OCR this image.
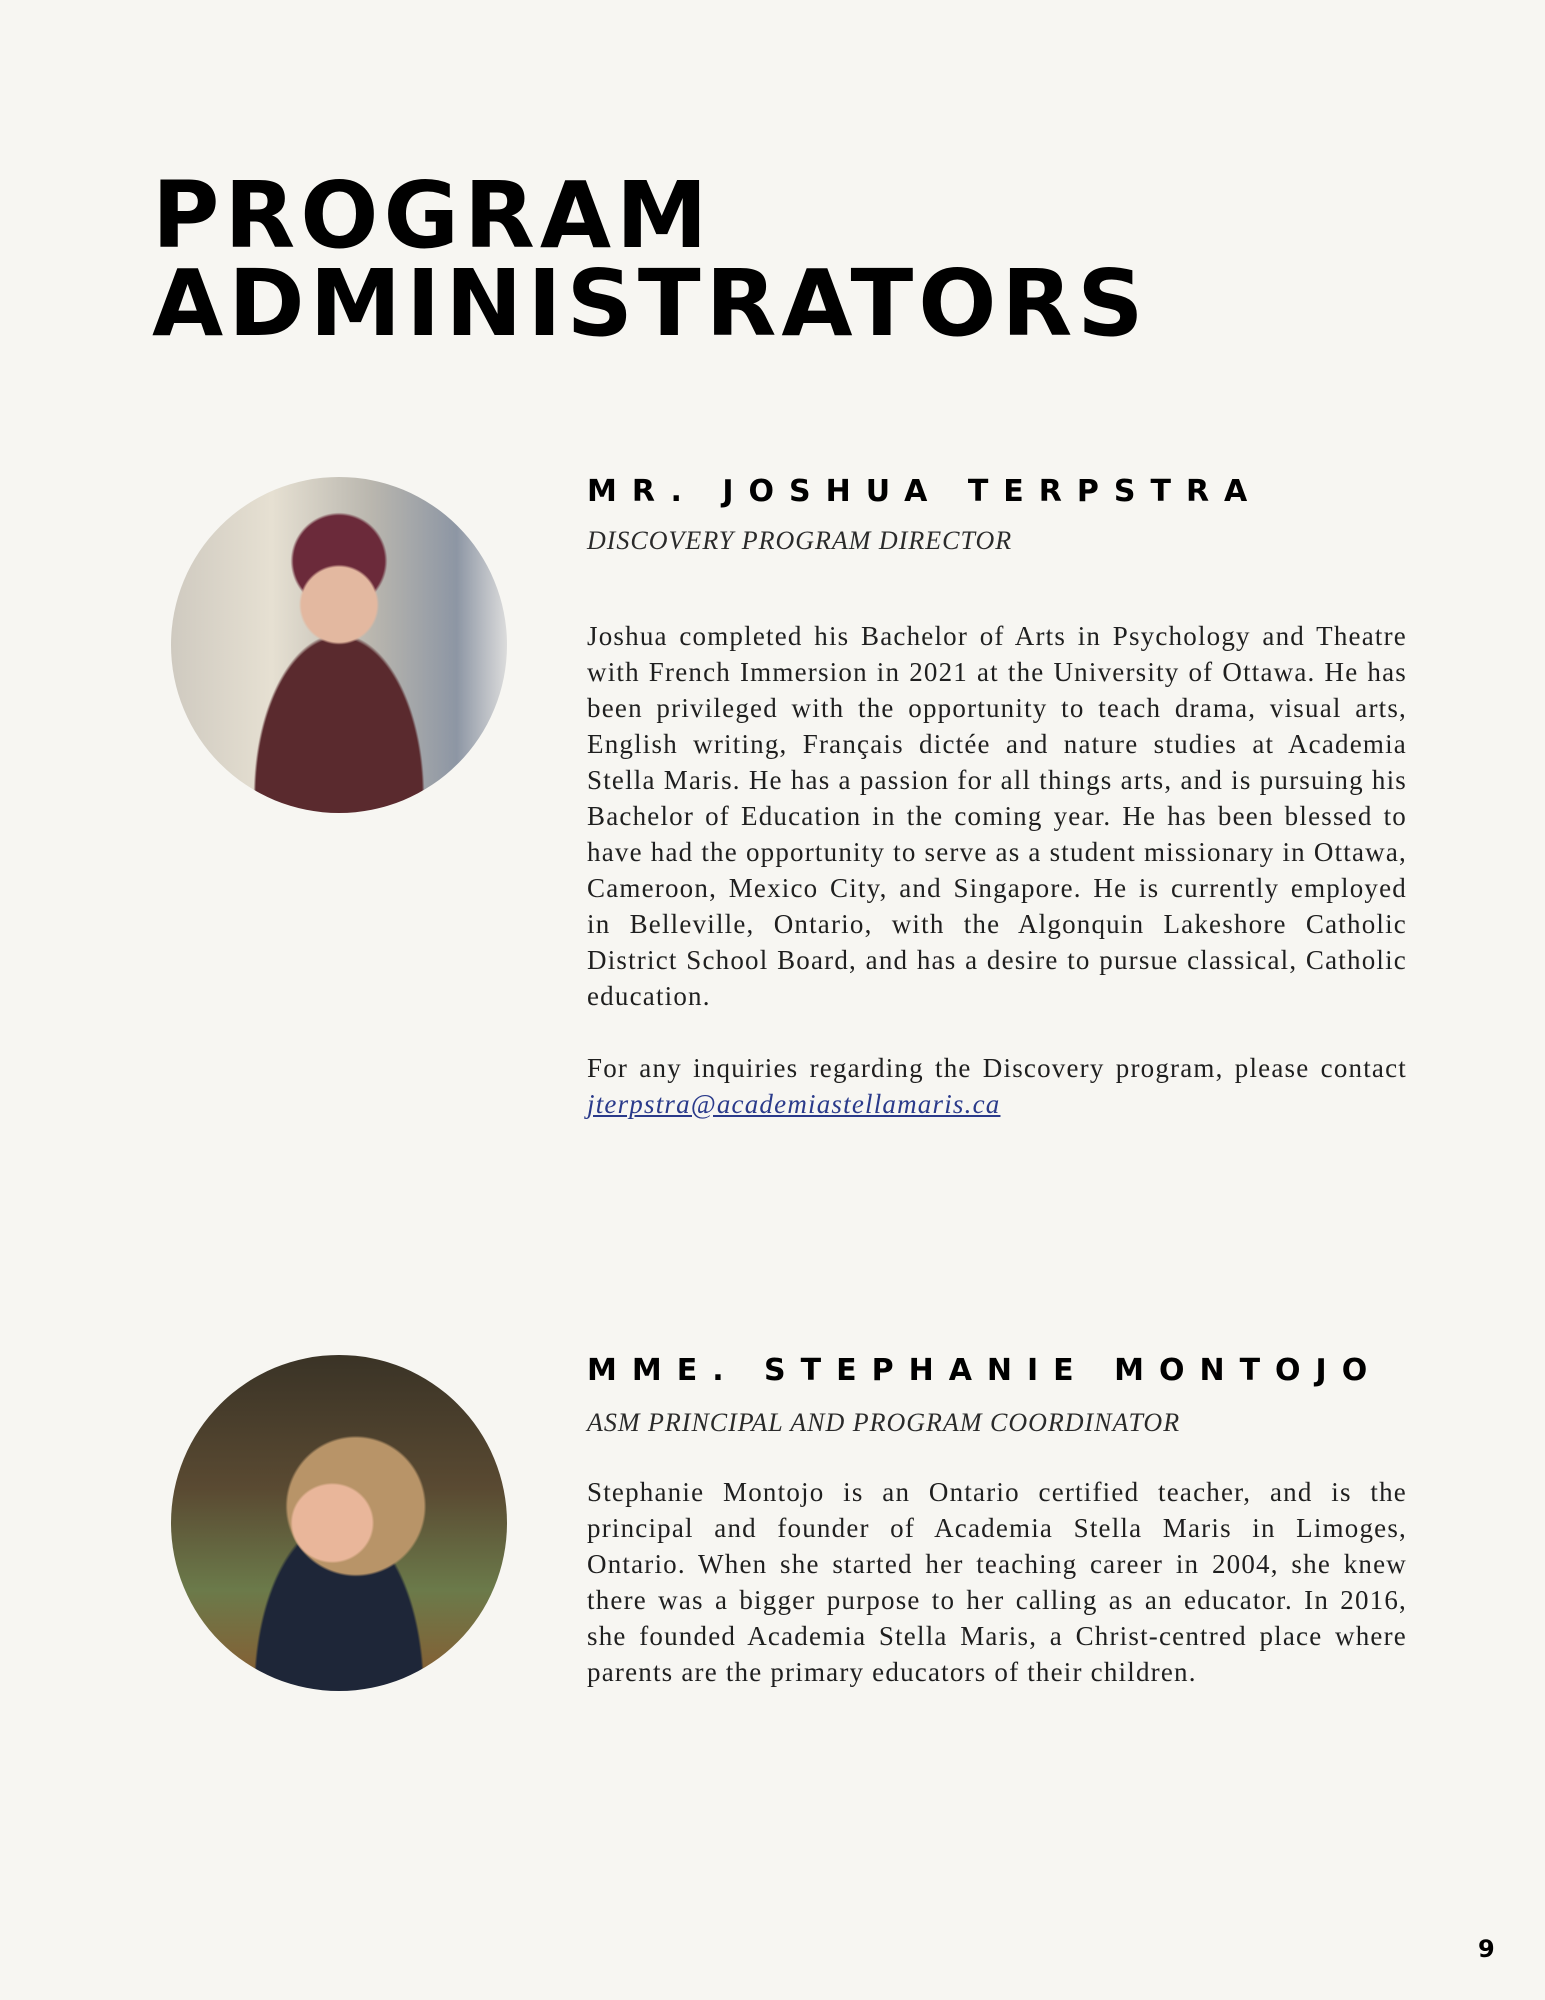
PROGRAM
ADMINISTRATORS
MR. JOSHUA TERPSTRA
DISCOVERY PROGRAM DIRECTOR

Joshua completed his Bachelor of Arts in Psychology and Theatre with French Immersion in 2021 at the University of Ottawa. He has been privileged with the opportunity to teach drama, visual arts, English writing, Français dictée and nature studies at Academia Stella Maris. He has a passion for all things arts, and is pursuing his Bachelor of Education in the coming year. He has been blessed to have had the opportunity to serve as a student missionary in Ottawa, Cameroon, Mexico City, and Singapore. He is currently employed in Belleville, Ontario, with the Algonquin Lakeshore Catholic District School Board, and has a desire to pursue classical, Catholic education.

For any inquiries regarding the Discovery program, please contact jterpstra@academiastellamaris.ca

MME. STEPHANIE MONTOJO
ASM PRINCIPAL AND PROGRAM COORDINATOR

Stephanie Montojo is an Ontario certified teacher, and is the principal and founder of Academia Stella Maris in Limoges, Ontario. When she started her teaching career in 2004, she knew there was a bigger purpose to her calling as an educator. In 2016, she founded Academia Stella Maris, a Christ-centred place where parents are the primary educators of their children.

9
